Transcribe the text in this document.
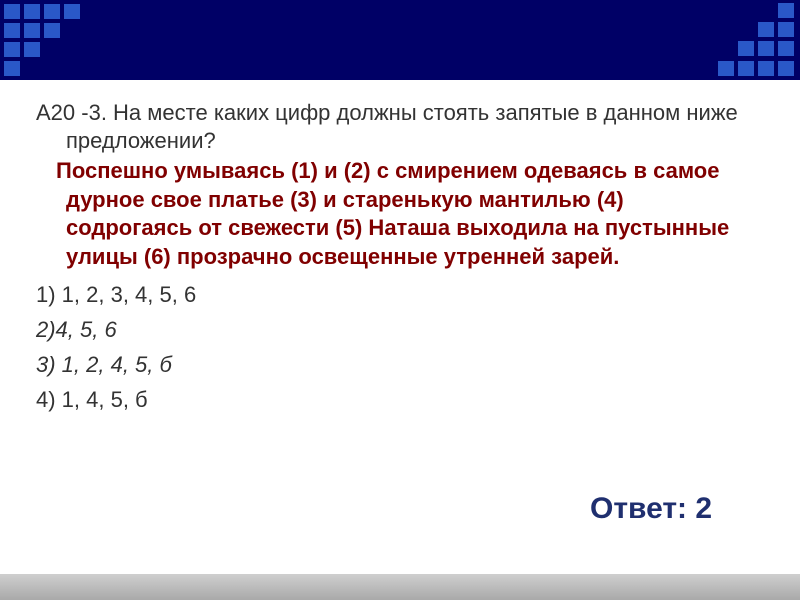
А20 -3. На месте каких цифр должны стоять запятые в данном ниже предложении?

Поспешно умываясь (1) и (2) с смирением одеваясь в самое дурное свое платье (3) и старенькую мантилью (4) содрогаясь от свежести (5) Наташа выходила на пустынные улицы (6) прозрачно освещенные утренней зарей.

1) 1, 2, 3, 4, 5, 6
2)4, 5, 6
3) 1, 2, 4, 5, б
4) 1, 4, 5, б
Ответ: 2
